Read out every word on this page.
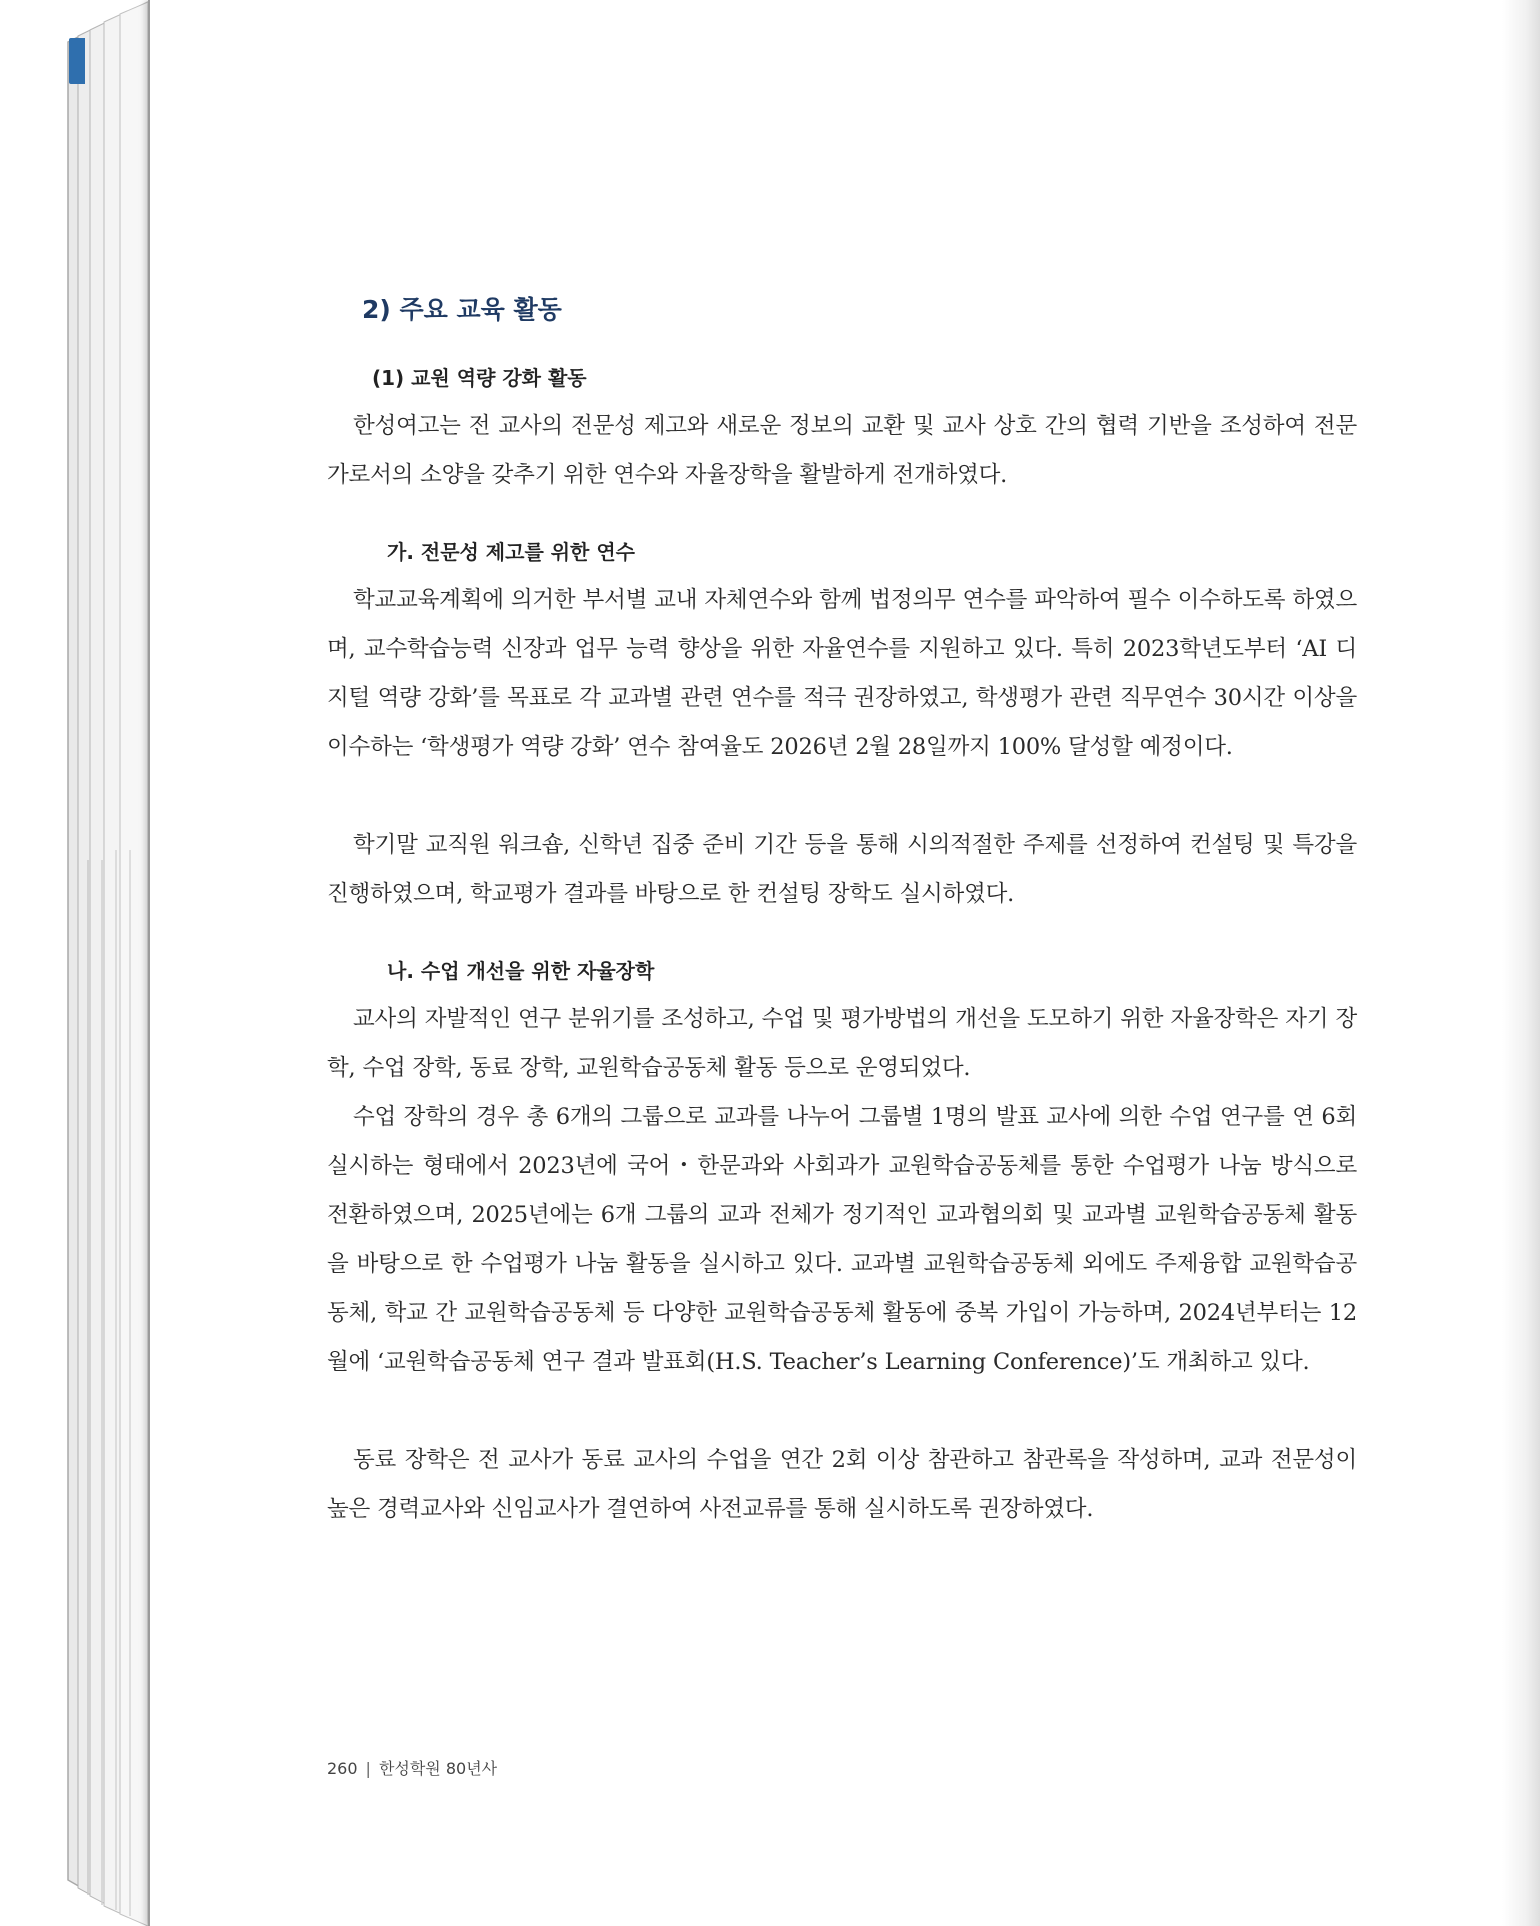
2) 주요 교육 활동
(1) 교원 역량 강화 활동

한성여고는 전 교사의 전문성 제고와 새로운 정보의 교환 및 교사 상호 간의 협력 기반을 조성하여 전문가로서의 소양을 갖추기 위한 연수와 자율장학을 활발하게 전개하였다.

가. 전문성 제고를 위한 연수

학교교육계획에 의거한 부서별 교내 자체연수와 함께 법정의무 연수를 파악하여 필수 이수하도록 하였으며, 교수학습능력 신장과 업무 능력 향상을 위한 자율연수를 지원하고 있다. 특히 2023학년도부터 ‘AI 디지털 역량 강화’를 목표로 각 교과별 관련 연수를 적극 권장하였고, 학생평가 관련 직무연수 30시간 이상을 이수하는 ‘학생평가 역량 강화’ 연수 참여율도 2026년 2월 28일까지 100% 달성할 예정이다.

학기말 교직원 워크숍, 신학년 집중 준비 기간 등을 통해 시의적절한 주제를 선정하여 컨설팅 및 특강을 진행하였으며, 학교평가 결과를 바탕으로 한 컨설팅 장학도 실시하였다.

나. 수업 개선을 위한 자율장학

교사의 자발적인 연구 분위기를 조성하고, 수업 및 평가방법의 개선을 도모하기 위한 자율장학은 자기 장학, 수업 장학, 동료 장학, 교원학습공동체 활동 등으로 운영되었다.

수업 장학의 경우 총 6개의 그룹으로 교과를 나누어 그룹별 1명의 발표 교사에 의한 수업 연구를 연 6회 실시하는 형태에서 2023년에 국어・한문과와 사회과가 교원학습공동체를 통한 수업평가 나눔 방식으로 전환하였으며, 2025년에는 6개 그룹의 교과 전체가 정기적인 교과협의회 및 교과별 교원학습공동체 활동을 바탕으로 한 수업평가 나눔 활동을 실시하고 있다. 교과별 교원학습공동체 외에도 주제융합 교원학습공동체, 학교 간 교원학습공동체 등 다양한 교원학습공동체 활동에 중복 가입이 가능하며, 2024년부터는 12월에 ‘교원학습공동체 연구 결과 발표회(H.S. Teacher’s Learning Conference)’도 개최하고 있다.

동료 장학은 전 교사가 동료 교사의 수업을 연간 2회 이상 참관하고 참관록을 작성하며, 교과 전문성이 높은 경력교사와 신임교사가 결연하여 사전교류를 통해 실시하도록 권장하였다.

260 | 한성학원 80년사
